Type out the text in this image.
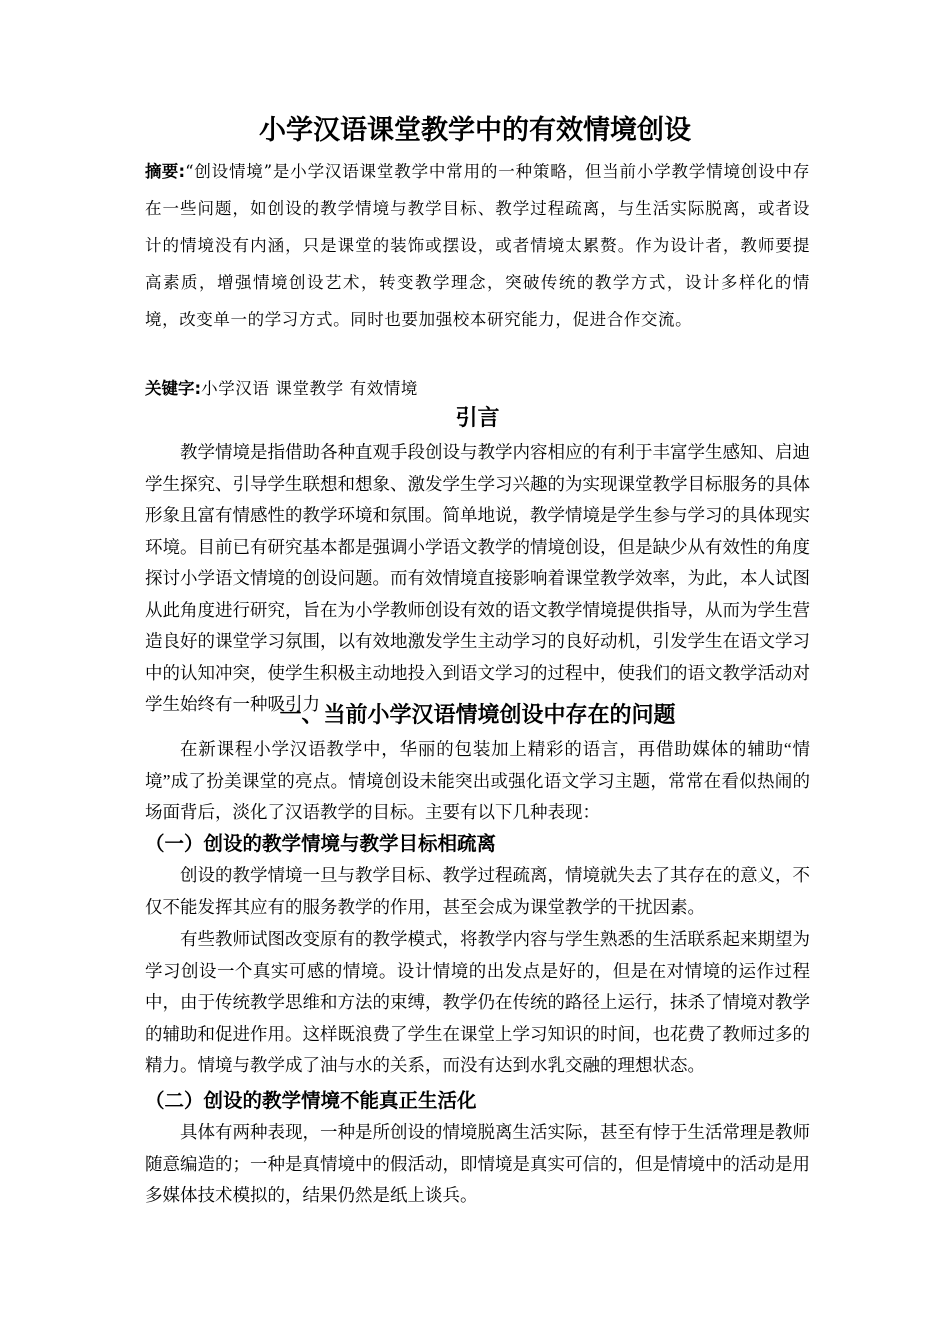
小学汉语课堂教学中的有效情境创设

摘要:“创设情境”是小学汉语课堂教学中常用的一种策略，但当前小学教学情境创设中存在一些问题，如创设的教学情境与教学目标、教学过程疏离，与生活实际脱离，或者设计的情境没有内涵，只是课堂的装饰或摆设，或者情境太累赘。作为设计者，教师要提高素质，增强情境创设艺术，转变教学理念，突破传统的教学方式，设计多样化的情境，改变单一的学习方式。同时也要加强校本研究能力，促进合作交流。

关键字:小学汉语 课堂教学 有效情境

引言

教学情境是指借助各种直观手段创设与教学内容相应的有利于丰富学生感知、启迪学生探究、引导学生联想和想象、激发学生学习兴趣的为实现课堂教学目标服务的具体形象且富有情感性的教学环境和氛围。简单地说，教学情境是学生参与学习的具体现实环境。目前已有研究基本都是强调小学语文教学的情境创设，但是缺少从有效性的角度探讨小学语文情境的创设问题。而有效情境直接影响着课堂教学效率，为此，本人试图从此角度进行研究，旨在为小学教师创设有效的语文教学情境提供指导，从而为学生营造良好的课堂学习氛围，以有效地激发学生主动学习的良好动机，引发学生在语文学习中的认知冲突，使学生积极主动地投入到语文学习的过程中，使我们的语文教学活动对学生始终有一种吸引力

一、当前小学汉语情境创设中存在的问题

在新课程小学汉语教学中，华丽的包装加上精彩的语言，再借助媒体的辅助“情境”成了扮美课堂的亮点。情境创设未能突出或强化语文学习主题，常常在看似热闹的场面背后，淡化了汉语教学的目标。主要有以下几种表现：

（一）创设的教学情境与教学目标相疏离

创设的教学情境一旦与教学目标、教学过程疏离，情境就失去了其存在的意义，不仅不能发挥其应有的服务教学的作用，甚至会成为课堂教学的干扰因素。

有些教师试图改变原有的教学模式，将教学内容与学生熟悉的生活联系起来期望为学习创设一个真实可感的情境。设计情境的出发点是好的，但是在对情境的运作过程中，由于传统教学思维和方法的束缚，教学仍在传统的路径上运行，抹杀了情境对教学的辅助和促进作用。这样既浪费了学生在课堂上学习知识的时间，也花费了教师过多的精力。情境与教学成了油与水的关系，而没有达到水乳交融的理想状态。

（二）创设的教学情境不能真正生活化

具体有两种表现，一种是所创设的情境脱离生活实际，甚至有悖于生活常理是教师随意编造的；一种是真情境中的假活动，即情境是真实可信的，但是情境中的活动是用多媒体技术模拟的，结果仍然是纸上谈兵。
